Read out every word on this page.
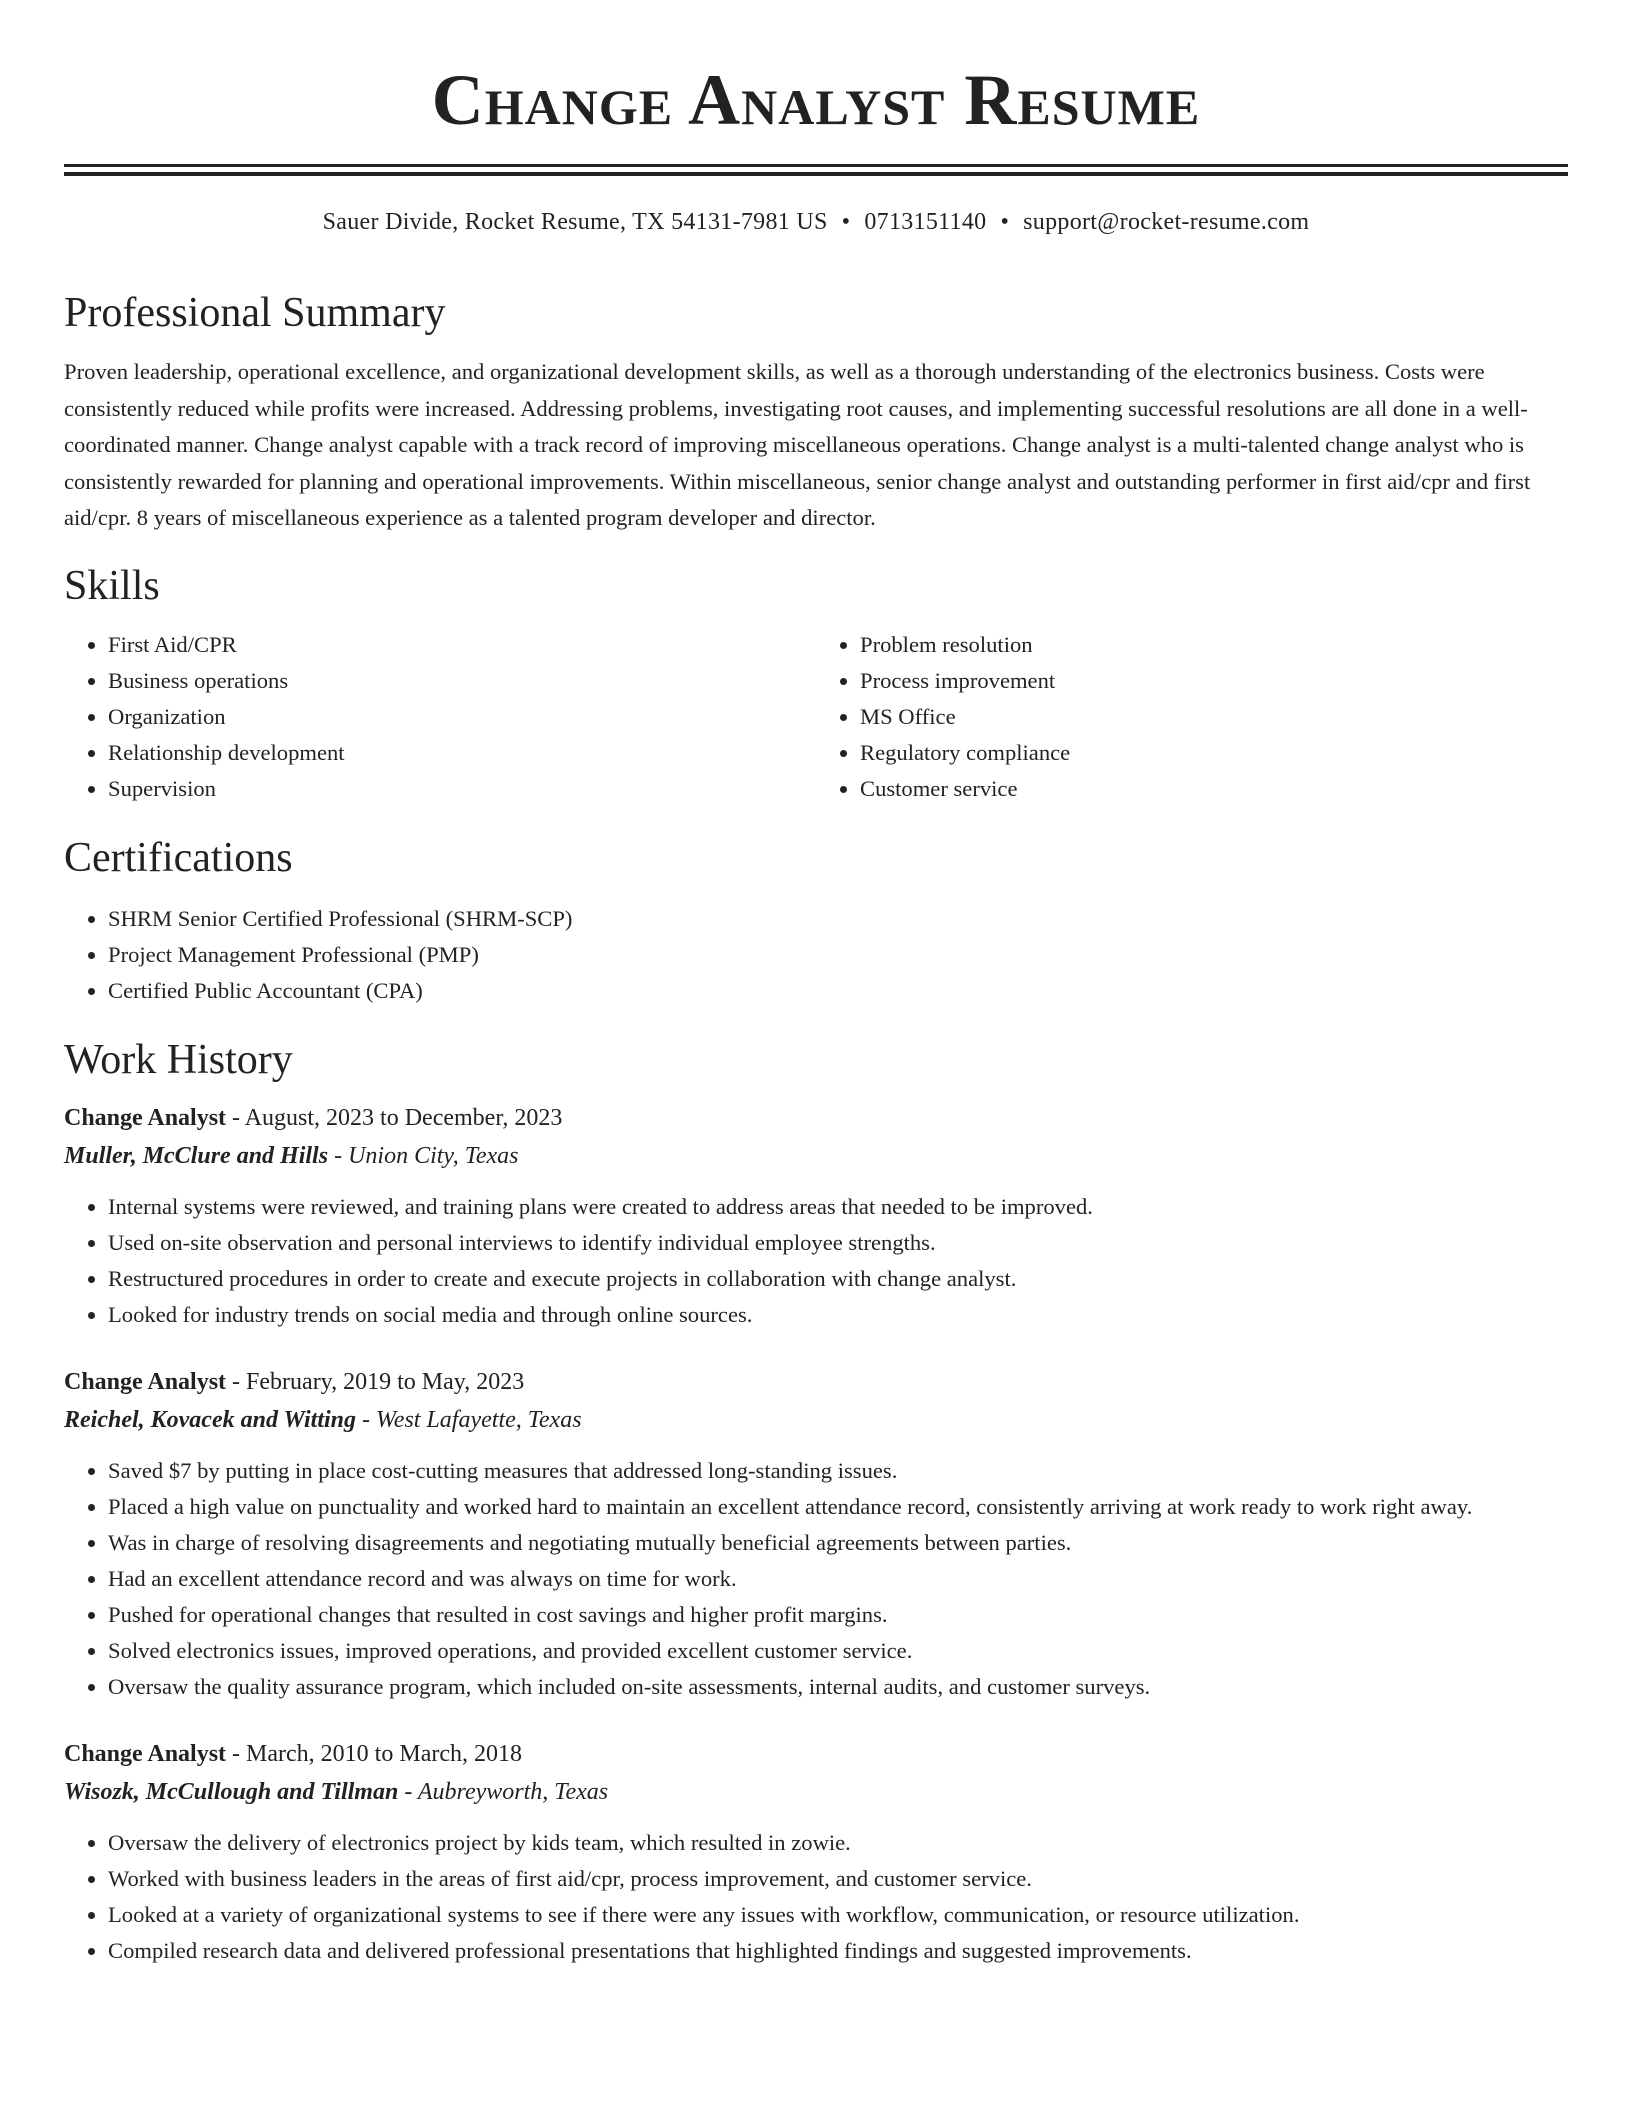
Change Analyst Resume
Sauer Divide, Rocket Resume, TX 54131-7981 US • 0713151140 • support@rocket-resume.com
Professional Summary

Proven leadership, operational excellence, and organizational development skills, as well as a thorough understanding of the electronics business. Costs were consistently reduced while profits were increased. Addressing problems, investigating root causes, and implementing successful resolutions are all done in a well-coordinated manner. Change analyst capable with a track record of improving miscellaneous operations. Change analyst is a multi-talented change analyst who is consistently rewarded for planning and operational improvements. Within miscellaneous, senior change analyst and outstanding performer in first aid/cpr and first aid/cpr. 8 years of miscellaneous experience as a talented program developer and director.

Skills
• First Aid/CPR
• Business operations
• Organization
• Relationship development
• Supervision
• Problem resolution
• Process improvement
• MS Office
• Regulatory compliance
• Customer service
Certifications
• SHRM Senior Certified Professional (SHRM-SCP)
• Project Management Professional (PMP)
• Certified Public Accountant (CPA)
Work History
Change Analyst - August, 2023 to December, 2023
Muller, McClure and Hills - Union City, Texas
• Internal systems were reviewed, and training plans were created to address areas that needed to be improved.
• Used on-site observation and personal interviews to identify individual employee strengths.
• Restructured procedures in order to create and execute projects in collaboration with change analyst.
• Looked for industry trends on social media and through online sources.
Change Analyst - February, 2019 to May, 2023
Reichel, Kovacek and Witting - West Lafayette, Texas
• Saved $7 by putting in place cost-cutting measures that addressed long-standing issues.
• Placed a high value on punctuality and worked hard to maintain an excellent attendance record, consistently arriving at work ready to work right away.
• Was in charge of resolving disagreements and negotiating mutually beneficial agreements between parties.
• Had an excellent attendance record and was always on time for work.
• Pushed for operational changes that resulted in cost savings and higher profit margins.
• Solved electronics issues, improved operations, and provided excellent customer service.
• Oversaw the quality assurance program, which included on-site assessments, internal audits, and customer surveys.
Change Analyst - March, 2010 to March, 2018
Wisozk, McCullough and Tillman - Aubreyworth, Texas
• Oversaw the delivery of electronics project by kids team, which resulted in zowie.
• Worked with business leaders in the areas of first aid/cpr, process improvement, and customer service.
• Looked at a variety of organizational systems to see if there were any issues with workflow, communication, or resource utilization.
• Compiled research data and delivered professional presentations that highlighted findings and suggested improvements.
